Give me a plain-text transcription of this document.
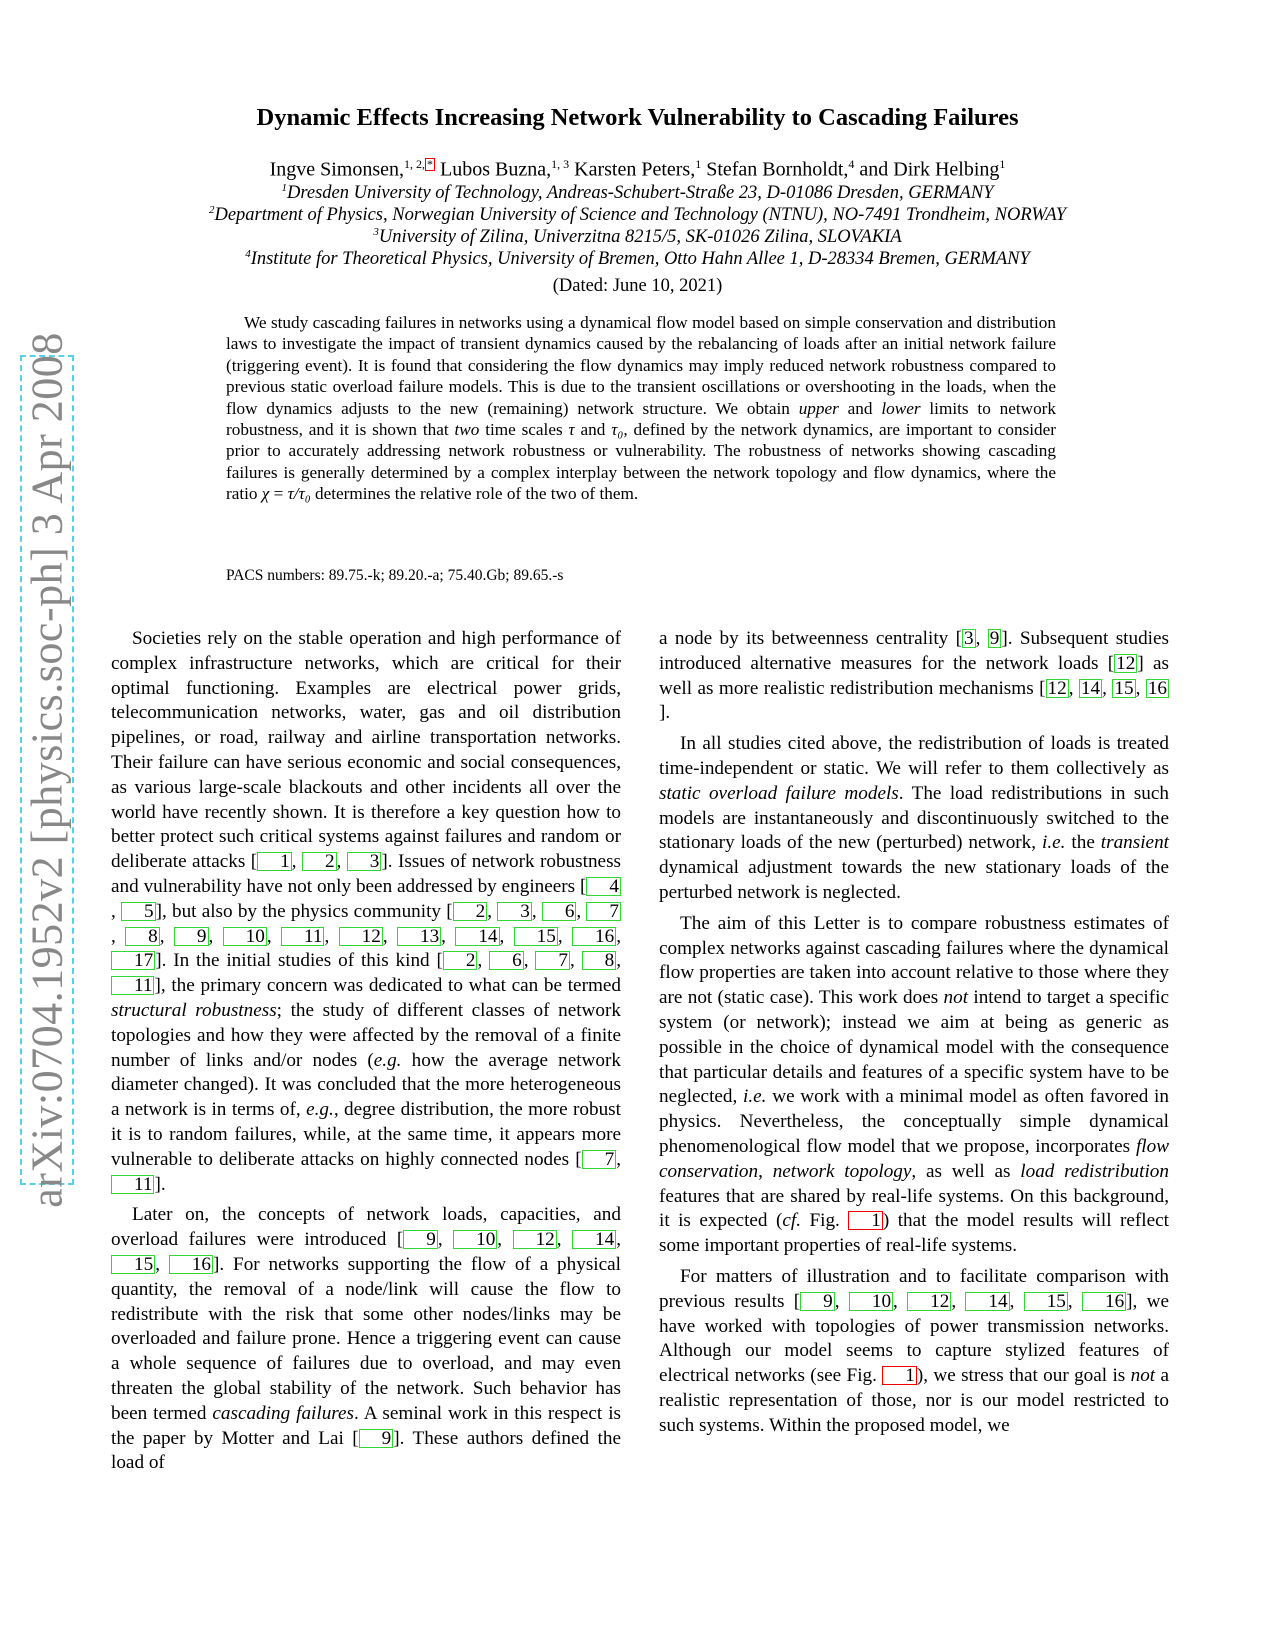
arXiv:0704.1952v2 [physics.soc-ph] 3 Apr 2008
Dynamic Effects Increasing Network Vulnerability to Cascading Failures
Ingve Simonsen,$^{1, 2,}$ * Lubos Buzna,$^{1, 3}$ Karsten Peters,$^1$ Stefan Bornholdt,$^4$ and Dirk Helbing$^1$
$^1$Dresden University of Technology, Andreas-Schubert-Straße 23, D-01086 Dresden, GERMANY
$^2$Department of Physics, Norwegian University of Science and Technology (NTNU), NO-7491 Trondheim, NORWAY
$^3$University of Zilina, Univerzitna 8215/5, SK-01026 Zilina, SLOVAKIA
$^4$Institute for Theoretical Physics, University of Bremen, Otto Hahn Allee 1, D-28334 Bremen, GERMANY
(Dated: June 10, 2021)

We study cascading failures in networks using a dynamical flow model based on simple conservation and distribution laws to investigate the impact of transient dynamics caused by the rebalancing of loads after an initial network failure (triggering event). It is found that considering the flow dynamics may imply reduced network robustness compared to previous static overload failure models. This is due to the transient oscillations or overshooting in the loads, when the flow dynamics adjusts to the new (remaining) network structure. We obtain upper and lower limits to network robustness, and it is shown that two time scales τ and τ₀, defined by the network dynamics, are important to consider prior to accurately addressing network robustness or vulnerability. The robustness of networks showing cascading failures is generally determined by a complex interplay between the network topology and flow dynamics, where the ratio χ = τ/τ₀ determines the relative role of the two of them.

PACS numbers: 89.75.-k; 89.20.-a; 75.40.Gb; 89.65.-s

Societies rely on the stable operation and high performance of complex infrastructure networks, which are critical for their optimal functioning. Examples are electrical power grids, telecommunication networks, water, gas and oil distribution pipelines, or road, railway and airline transportation networks. Their failure can have serious economic and social consequences, as various large-scale blackouts and other incidents all over the world have recently shown. It is therefore a key question how to better protect such critical systems against failures and random or deliberate attacks [ 1 , 2 , 3 ]. Issues of network robustness and vulnerability have not only been addressed by engineers [ 4, 5 ], but also by the physics community [ 2 , 3 , 6 , 7, 8 , 9 , 10 , 11 , 12 , 13 , 14 , 15 , 16 , 17 ]. In the initial studies of this kind [ 2 , 6 , 7 , 8 , 11 ], the primary concern was dedicated to what can be termed structural robustness; the study of different classes of network topologies and how they were affected by the removal of a finite number of links and/or nodes (e.g. how the average network diameter changed). It was concluded that the more heterogeneous a network is in terms of, e.g., degree distribution, the more robust it is to random failures, while, at the same time, it appears more vulnerable to deliberate attacks on highly connected nodes [ 7 , 11 ].

Later on, the concepts of network loads, capacities, and overload failures were introduced [ 9 , 10 , 12 , 14 , 15 , 16 ]. For networks supporting the flow of a physical quantity, the removal of a node/link will cause the flow to redistribute with the risk that some other nodes/links may be overloaded and failure prone. Hence a triggering event can cause a whole sequence of failures due to overload, and may even threaten the global stability of the network. Such behavior has been termed cascading failures. A seminal work in this respect is the paper by Motter and Lai [ 9 ]. These authors defined the load of

a node by its betweenness centrality [ 3 , 9 ]. Subsequent studies introduced alternative measures for the network loads [ 12 ] as well as more realistic redistribution mechanisms [ 12 , 14 , 15 , 16].

In all studies cited above, the redistribution of loads is treated time-independent or static. We will refer to them collectively as static overload failure models. The load redistributions in such models are instantaneously and discontinuously switched to the stationary loads of the new (perturbed) network, i.e. the transient dynamical adjustment towards the new stationary loads of the perturbed network is neglected.

The aim of this Letter is to compare robustness estimates of complex networks against cascading failures where the dynamical flow properties are taken into account relative to those where they are not (static case). This work does not intend to target a specific system (or network); instead we aim at being as generic as possible in the choice of dynamical model with the consequence that particular details and features of a specific system have to be neglected, i.e. we work with a minimal model as often favored in physics. Nevertheless, the conceptually simple dynamical phenomenological flow model that we propose, incorporates flow conservation, network topology, as well as load redistribution features that are shared by real-life systems. On this background, it is expected (cf. Fig. 1 ) that the model results will reflect some important properties of real-life systems.

For matters of illustration and to facilitate comparison with previous results [ 9 , 10 , 12 , 14 , 15 , 16 ], we have worked with topologies of power transmission networks. Although our model seems to capture stylized features of electrical networks (see Fig. 1 ), we stress that our goal is not a realistic representation of those, nor is our model restricted to such systems. Within the proposed model, we
